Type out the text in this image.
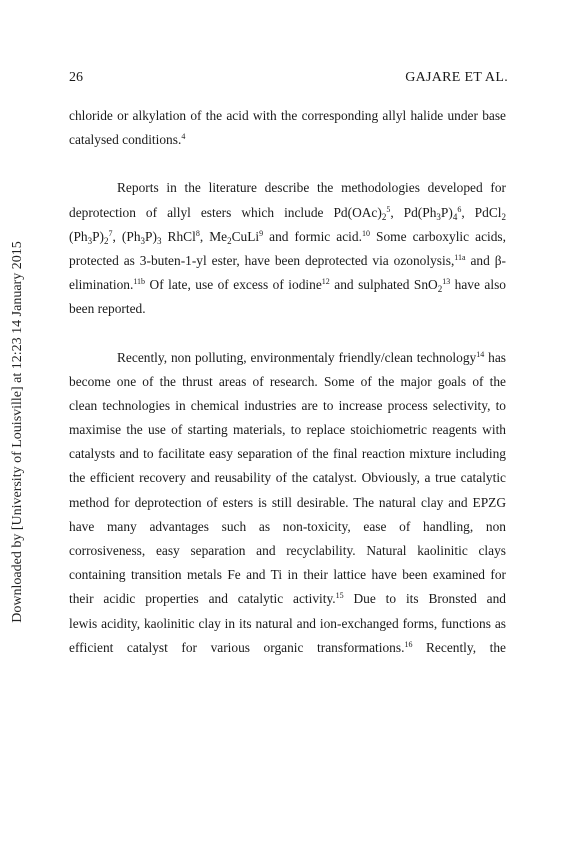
26	GAJARE ET AL.
Downloaded by [University of Louisville] at 12:23 14 January 2015
chloride or alkylation of the acid with the corresponding allyl halide under base
catalysed conditions.$^4$
Reports in the literature describe the methodologies developed for
deprotection of allyl esters which include $Pd(OAc)_2^5$, $Pd(Ph_3P)_4^6$, PdCl$_2$
$(Ph_3P)_2^7$, $(Ph_3P)_3$ RhCl$^8$, $Me_2CuLi^9$ and formic acid.$^{10}$ Some carboxylic acids,
protected as 3-buten-1-yl ester, have been deprotected via ozonolysis,$^{11a}$ and β-
elimination.$^{11b}$ Of late, use of excess of iodine$^{12}$ and sulphated SnO$_2^{13}$ have also
been reported.
Recently, non polluting, environmentaly friendly/clean technology$^{14}$ has
become one of the thrust areas of research. Some of the major goals of the
clean technologies in chemical industries are to increase process selectivity, to
maximise the use of starting materials, to replace stoichiometric reagents with
catalysts and to facilitate easy separation of the final reaction mixture including
the efficient recovery and reusability of the catalyst. Obviously, a true catalytic
method for deprotection of esters is still desirable. The natural clay and EPZG
have many advantages such as non-toxicity, ease of handling, non
corrosiveness, easy separation and recyclability. Natural kaolinitic clays
containing transition metals Fe and Ti in their lattice have been examined for
their acidic properties and catalytic activity.$^{15}$ Due to its Bronsted and
lewis acidity, kaolinitic clay in its natural and ion-exchanged forms, functions as
efficient catalyst for various organic transformations.$^{16}$ Recently, the
